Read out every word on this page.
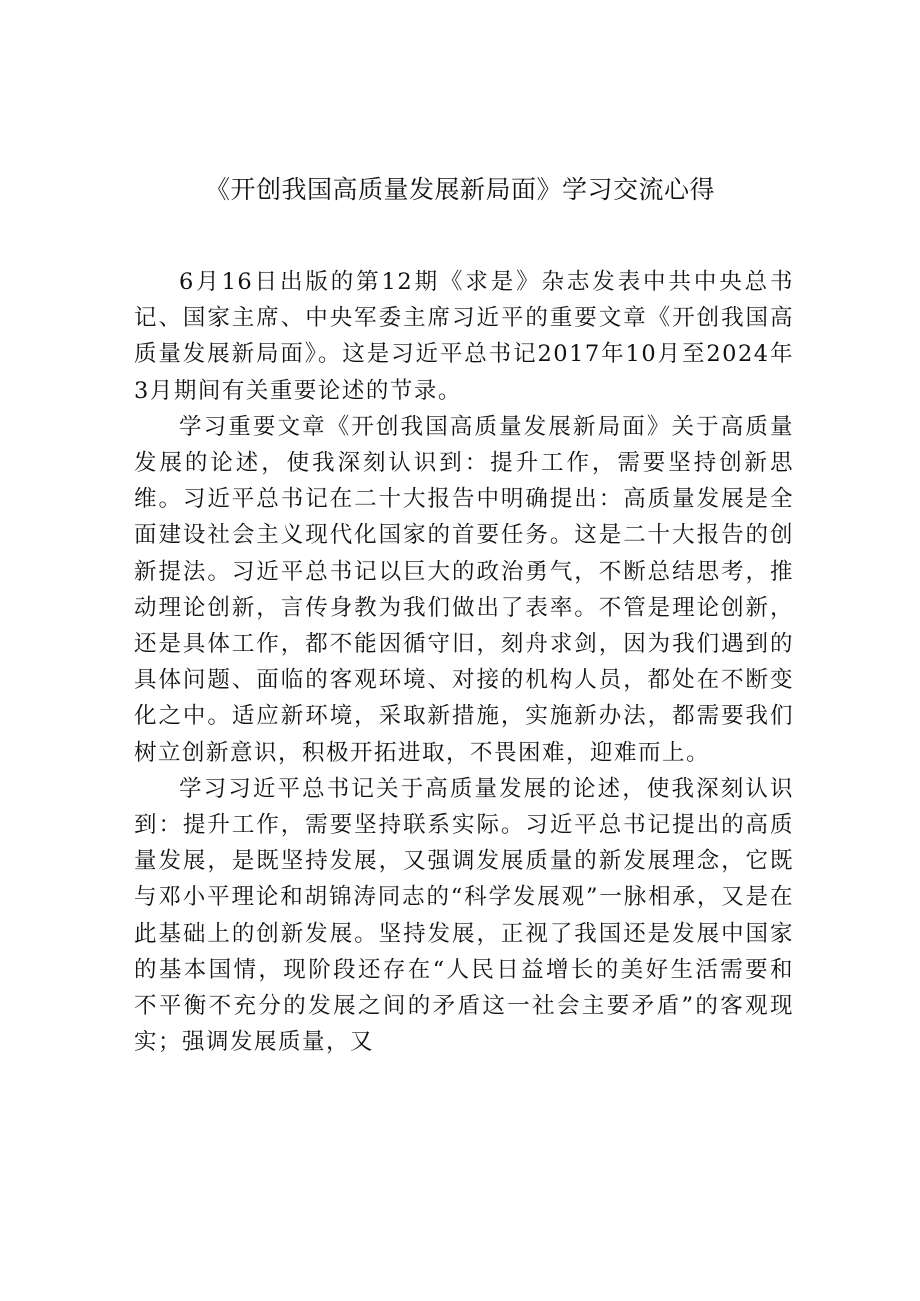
《开创我国高质量发展新局面》学习交流心得

6月16日出版的第12期《求是》杂志发表中共中央总书记、国家主席、中央军委主席习近平的重要文章《开创我国高质量发展新局面》。这是习近平总书记2017年10月至2024年3月期间有关重要论述的节录。

学习重要文章《开创我国高质量发展新局面》关于高质量发展的论述，使我深刻认识到：提升工作，需要坚持创新思维。习近平总书记在二十大报告中明确提出：高质量发展是全面建设社会主义现代化国家的首要任务。这是二十大报告的创新提法。习近平总书记以巨大的政治勇气，不断总结思考，推动理论创新，言传身教为我们做出了表率。不管是理论创新，还是具体工作，都不能因循守旧，刻舟求剑，因为我们遇到的具体问题、面临的客观环境、对接的机构人员，都处在不断变化之中。适应新环境，采取新措施，实施新办法，都需要我们树立创新意识，积极开拓进取，不畏困难，迎难而上。

学习习近平总书记关于高质量发展的论述，使我深刻认识到：提升工作，需要坚持联系实际。习近平总书记提出的高质量发展，是既坚持发展，又强调发展质量的新发展理念，它既与邓小平理论和胡锦涛同志的“科学发展观”一脉相承，又是在此基础上的创新发展。坚持发展，正视了我国还是发展中国家的基本国情，现阶段还存在“人民日益增长的美好生活需要和不平衡不充分的发展之间的矛盾这一社会主要矛盾”的客观现实；强调发展质量，又
